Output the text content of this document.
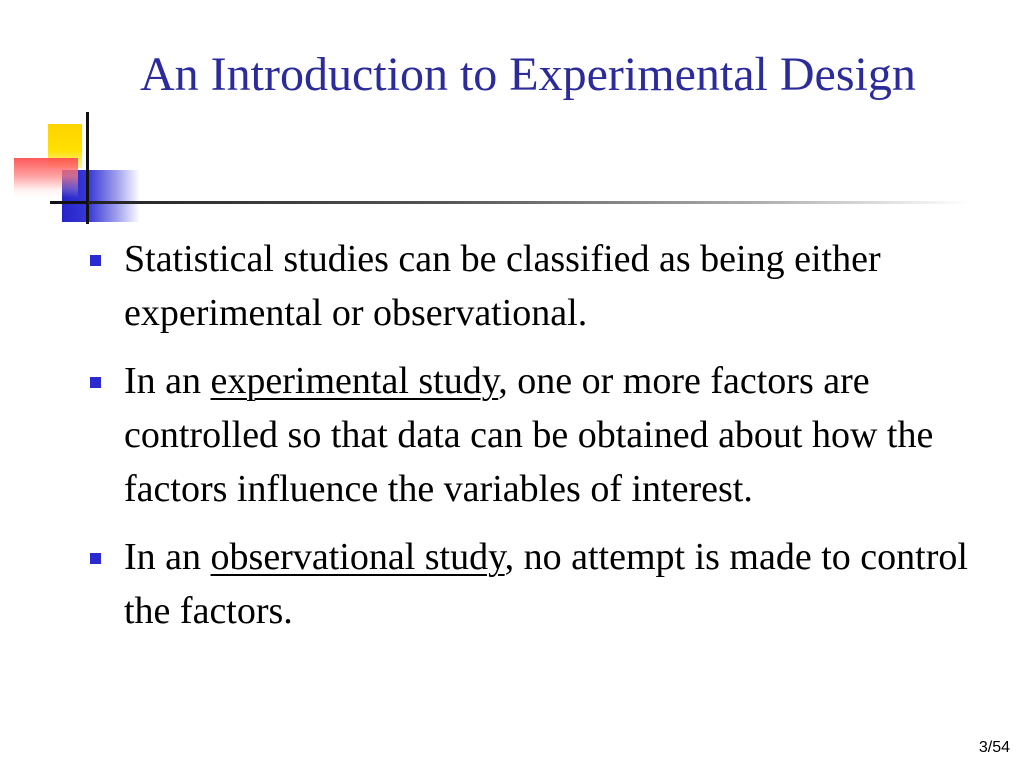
An Introduction to Experimental Design
Statistical studies can be classified as being either experimental or observational.
In an experimental study, one or more factors are controlled so that data can be obtained about how the factors influence the variables of interest.
In an observational study, no attempt is made to control the factors.
3/54
